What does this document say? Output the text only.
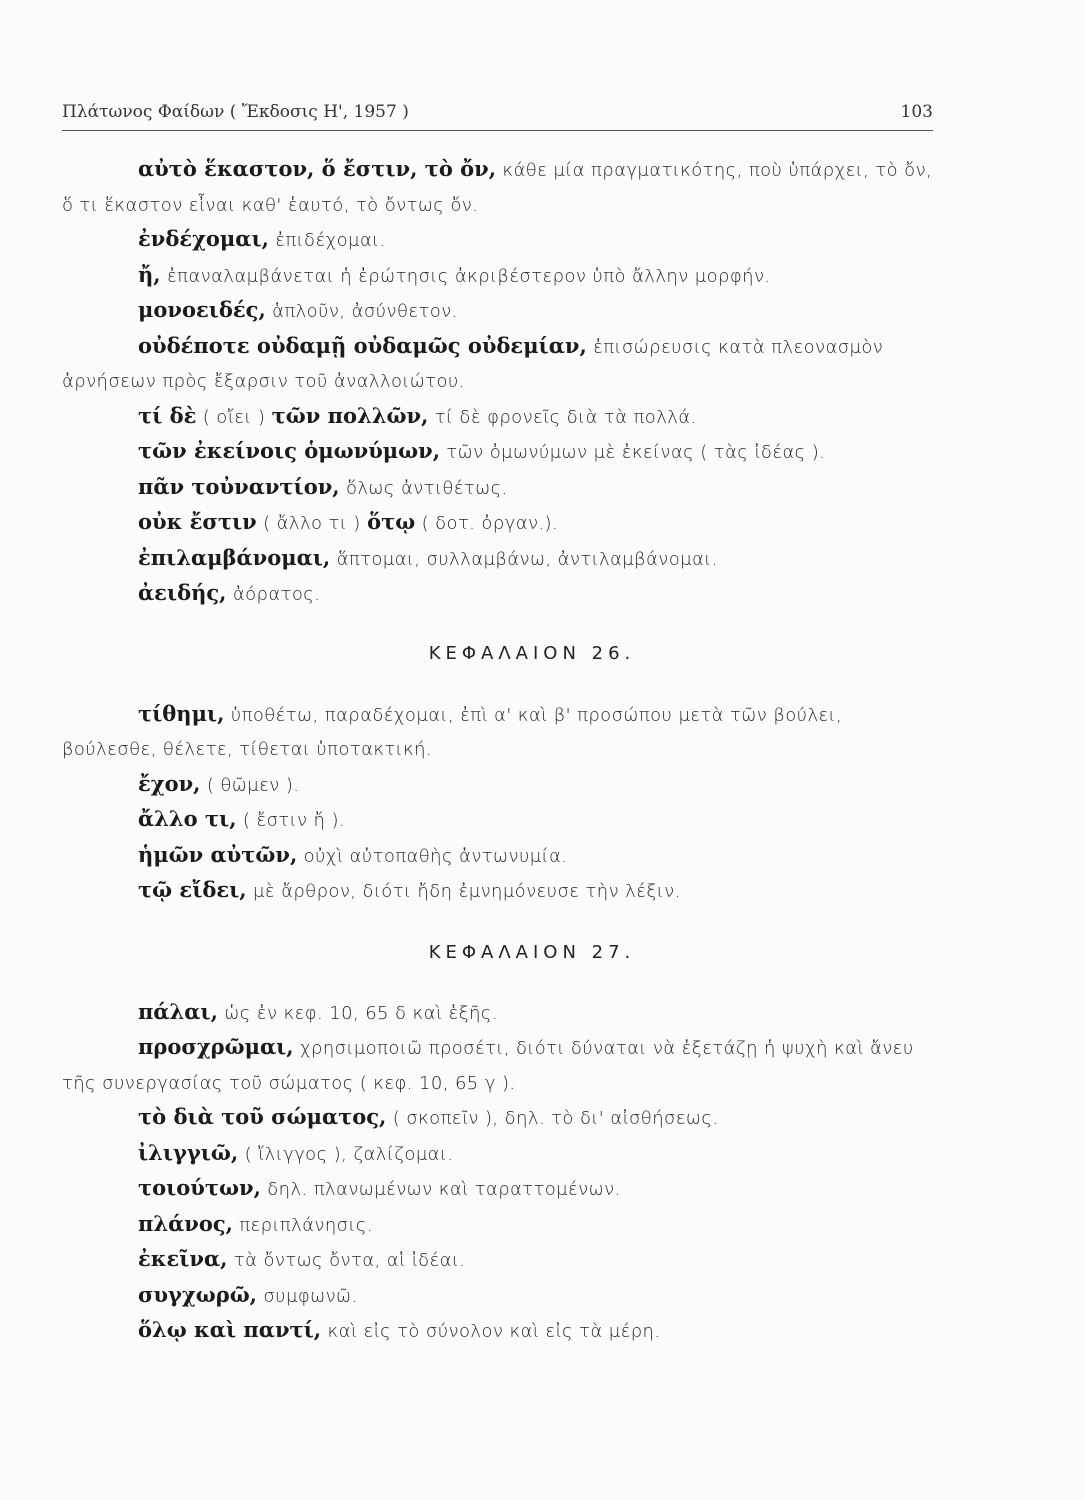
Πλάτωνος Φαίδων ( Ἔκδοσις Η', 1957 )	103

αὐτὸ ἕκαστον, ὅ ἔστιν, τὸ ὄν, κάθε μία πραγματικότης, ποὺ ὑπάρχει, τὸ ὄν, ὅ τι ἕκαστον εἶναι καθ' ἑαυτό, τὸ ὄντως ὄν.

ἐνδέχομαι, ἐπιδέχομαι.

ἤ, ἐπαναλαμβάνεται ἡ ἐρώτησις ἀκριβέστερον ὑπὸ ἄλλην μορφήν.

μονοειδές, ἁπλοῦν, ἀσύνθετον.

οὐδέποτε οὐδαμῇ οὐδαμῶς οὐδεμίαν, ἐπισώρευσις κατὰ πλεονασμὸν ἀρνήσεων πρὸς ἔξαρσιν τοῦ ἀναλλοιώτου.

τί δὲ ( οἴει ) τῶν πολλῶν, τί δὲ φρονεῖς διὰ τὰ πολλά.

τῶν ἐκείνοις ὁμωνύμων, τῶν ὁμωνύμων μὲ ἐκείνας ( τὰς ἰδέας ).

πᾶν τοὐναντίον, ὅλως ἀντιθέτως.

οὐκ ἔστιν ( ἄλλο τι ) ὅτῳ ( δοτ. ὀργαν.).

ἐπιλαμβάνομαι, ἅπτομαι, συλλαμβάνω, ἀντιλαμβάνομαι.

ἀειδής, ἀόρατος.

ΚΕΦΑΛΑΙΟΝ 26.

τίθημι, ὑποθέτω, παραδέχομαι, ἐπὶ α' καὶ β' προσώπου μετὰ τῶν βούλει, βούλεσθε, θέλετε, τίθεται ὑποτακτική.

ἔχον, ( θῶμεν ).

ἄλλο τι, ( ἔστιν ἤ ).

ἡμῶν αὐτῶν, οὐχὶ αὐτοπαθὴς ἀντωνυμία.

τῷ εἴδει, μὲ ἄρθρον, διότι ἤδη ἐμνημόνευσε τὴν λέξιν.

ΚΕΦΑΛΑΙΟΝ 27.

πάλαι, ὡς ἐν κεφ. 10, 65 δ καὶ ἑξῆς.

προσχρῶμαι, χρησιμοποιῶ προσέτι, διότι δύναται νὰ ἐξετάζῃ ἡ ψυχὴ καὶ ἄνευ τῆς συνεργασίας τοῦ σώματος ( κεφ. 10, 65 γ ).

τὸ διὰ τοῦ σώματος, ( σκοπεῖν ), δηλ. τὸ δι' αἰσθήσεως.

ἰλιγγιῶ, ( ἴλιγγος ), ζαλίζομαι.

τοιούτων, δηλ. πλανωμένων καὶ ταραττομένων.

πλάνος, περιπλάνησις.

ἐκεῖνα, τὰ ὄντως ὄντα, αἱ ἰδέαι.

συγχωρῶ, συμφωνῶ.

ὅλῳ καὶ παντί, καὶ εἰς τὸ σύνολον καὶ εἰς τὰ μέρη.
